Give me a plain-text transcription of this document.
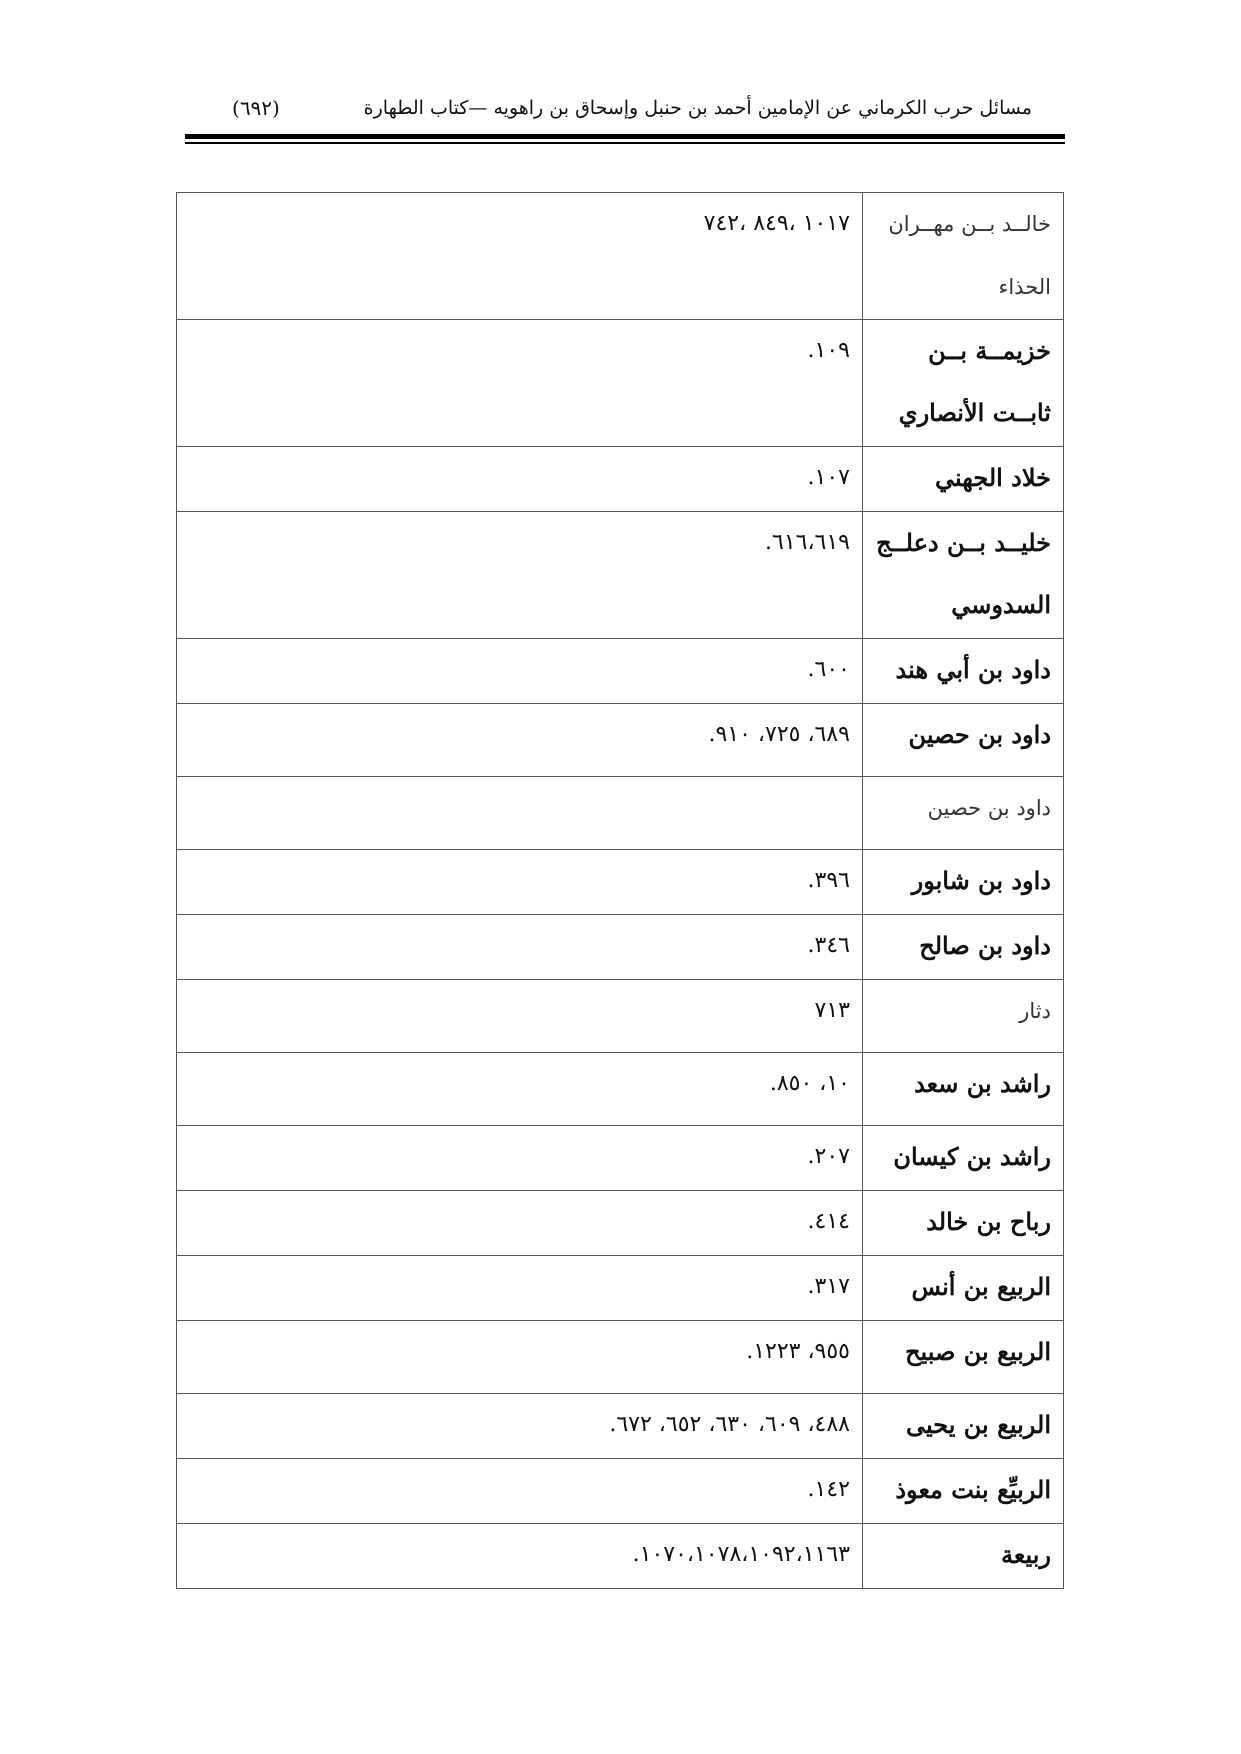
مسائل حرب الكرماني عن الإمامين أحمد بن حنبل وإسحاق بن راهويه —كتاب الطهارة
(٦٩٢)
خالــد بــن مهــران الحذاء	١٠١٧ ،٨٤٩ ،٧٤٢
خزيمــة بــن ثابــت الأنصاري	١٠٩.
خلاد الجهني	١٠٧.
خليــد بــن دعلــج السدوسي	٦١٦،٦١٩.
داود بن أبي هند	٦٠٠.
داود بن حصين	٦٨٩، ٧٢٥، ٩١٠.
داود بن حصين	
داود بن شابور	٣٩٦.
داود بن صالح	٣٤٦.
دثار	٧١٣
راشد بن سعد	١٠، ٨٥٠.
راشد بن كيسان	٢٠٧.
رباح بن خالد	٤١٤.
الربيع بن أنس	٣١٧.
الربيع بن صبيح	٩٥٥، ١٢٢٣.
الربيع بن يحيى	٤٨٨، ٦٠٩، ٦٣٠، ٦٥٢، ٦٧٢.
الربيِّع بنت معوذ	١٤٢.
ربيعة	١٠٧٠،١٠٧٨،١٠٩٢،١١٦٣.
